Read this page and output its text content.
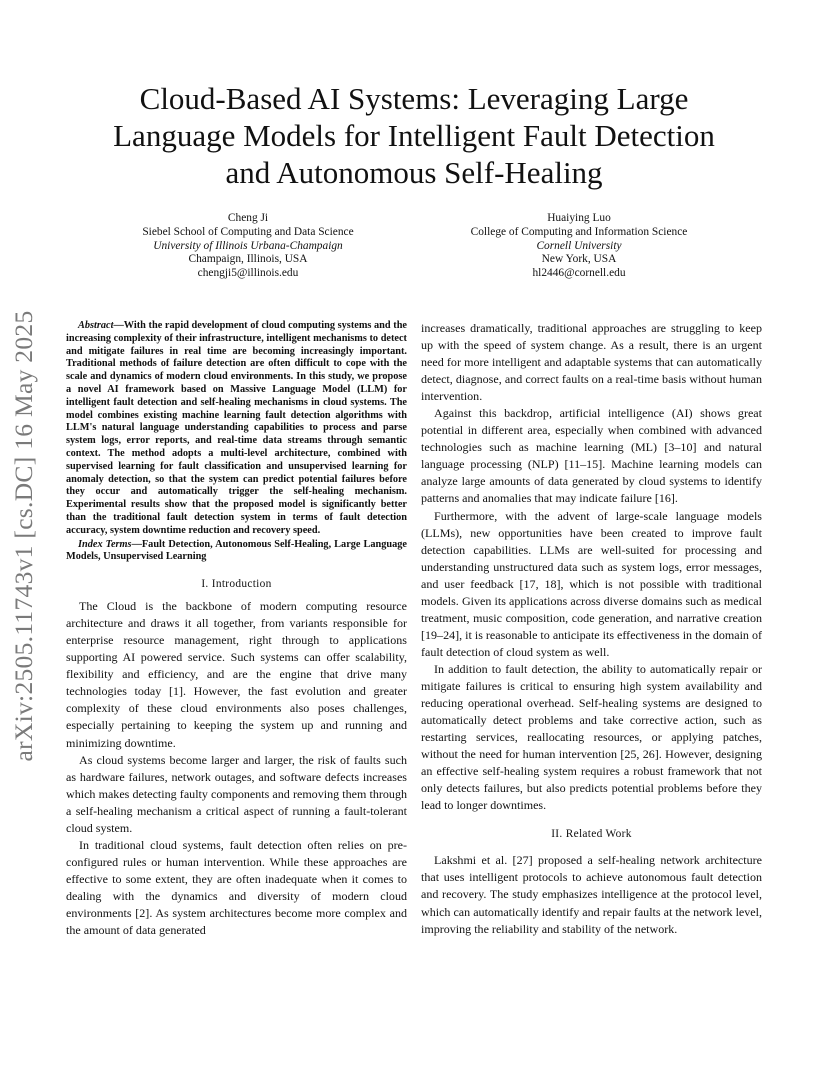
arXiv:2505.11743v1 [cs.DC] 16 May 2025
Cloud-Based AI Systems: Leveraging Large
Language Models for Intelligent Fault Detection
and Autonomous Self-Healing
Cheng Ji
Siebel School of Computing and Data Science
University of Illinois Urbana-Champaign
Champaign, Illinois, USA
chengji5@illinois.edu
Huaiying Luo
College of Computing and Information Science
Cornell University
New York, USA
hl2446@cornell.edu

Abstract—With the rapid development of cloud computing systems and the increasing complexity of their infrastructure, intelligent mechanisms to detect and mitigate failures in real time are becoming increasingly important. Traditional methods of failure detection are often difficult to cope with the scale and dynamics of modern cloud environments. In this study, we propose a novel AI framework based on Massive Language Model (LLM) for intelligent fault detection and self-healing mechanisms in cloud systems. The model combines existing machine learning fault detection algorithms with LLM's natural language understanding capabilities to process and parse system logs, error reports, and real-time data streams through semantic context. The method adopts a multi-level architecture, combined with supervised learning for fault classification and unsupervised learning for anomaly detection, so that the system can predict potential failures before they occur and automatically trigger the self-healing mechanism. Experimental results show that the proposed model is significantly better than the traditional fault detection system in terms of fault detection accuracy, system downtime reduction and recovery speed.

Index Terms—Fault Detection, Autonomous Self-Healing, Large Language Models, Unsupervised Learning

I. Introduction

The Cloud is the backbone of modern computing resource architecture and draws it all together, from variants responsible for enterprise resource management, right through to applications supporting AI powered service. Such systems can offer scalability, flexibility and efficiency, and are the engine that drive many technologies today [1]. However, the fast evolution and greater complexity of these cloud environments also poses challenges, especially pertaining to keeping the system up and running and minimizing downtime.

As cloud systems become larger and larger, the risk of faults such as hardware failures, network outages, and software defects increases which makes detecting faulty components and removing them through a self-healing mechanism a critical aspect of running a fault-tolerant cloud system.

In traditional cloud systems, fault detection often relies on pre-configured rules or human intervention. While these approaches are effective to some extent, they are often inadequate when it comes to dealing with the dynamics and diversity of modern cloud environments [2]. As system architectures become more complex and the amount of data generated

increases dramatically, traditional approaches are struggling to keep up with the speed of system change. As a result, there is an urgent need for more intelligent and adaptable systems that can automatically detect, diagnose, and correct faults on a real-time basis without human intervention.

Against this backdrop, artificial intelligence (AI) shows great potential in different area, especially when combined with advanced technologies such as machine learning (ML) [3–10] and natural language processing (NLP) [11–15]. Machine learning models can analyze large amounts of data generated by cloud systems to identify patterns and anomalies that may indicate failure [16].

Furthermore, with the advent of large-scale language models (LLMs), new opportunities have been created to improve fault detection capabilities. LLMs are well-suited for processing and understanding unstructured data such as system logs, error messages, and user feedback [17, 18], which is not possible with traditional models. Given its applications across diverse domains such as medical treatment, music composition, code generation, and narrative creation [19–24], it is reasonable to anticipate its effectiveness in the domain of fault detection of cloud system as well.

In addition to fault detection, the ability to automatically repair or mitigate failures is critical to ensuring high system availability and reducing operational overhead. Self-healing systems are designed to automatically detect problems and take corrective action, such as restarting services, reallocating resources, or applying patches, without the need for human intervention [25, 26]. However, designing an effective self-healing system requires a robust framework that not only detects failures, but also predicts potential problems before they lead to longer downtimes.

II. Related Work

Lakshmi et al. [27] proposed a self-healing network architecture that uses intelligent protocols to achieve autonomous fault detection and recovery. The study emphasizes intelligence at the protocol level, which can automatically identify and repair faults at the network level, improving the reliability and stability of the network.
